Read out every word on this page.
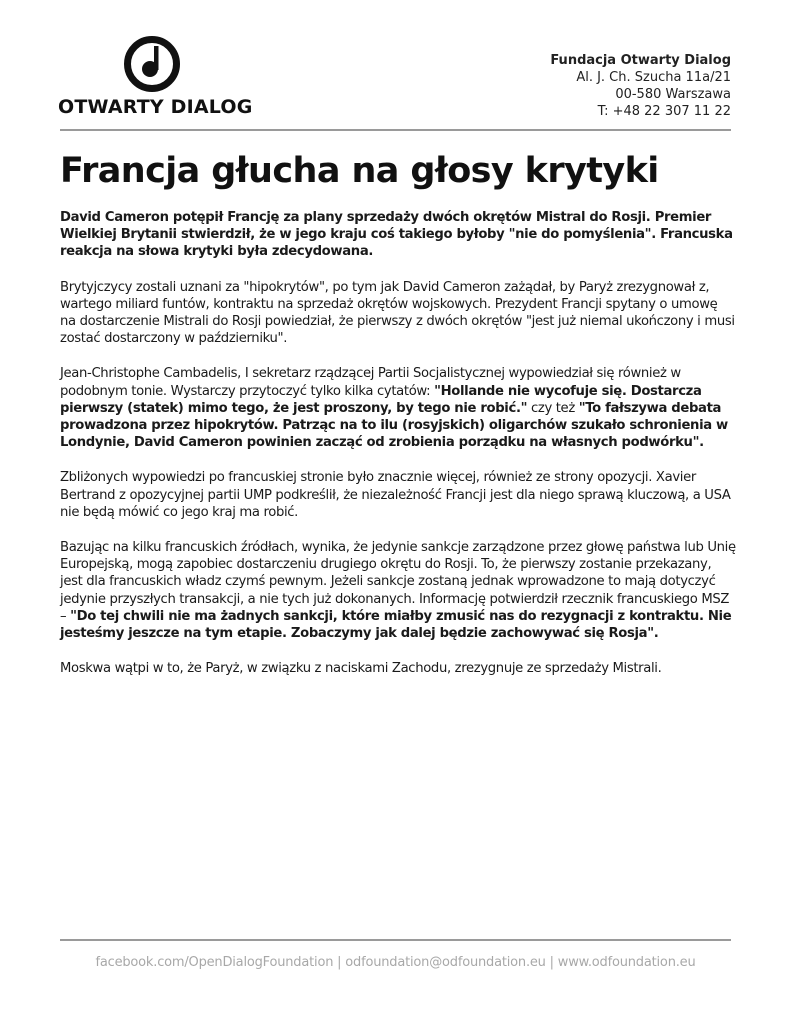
OTWARTY DIALOG
Fundacja Otwarty Dialog
Al. J. Ch. Szucha 11a/21
00-580 Warszawa
T: +48 22 307 11 22
Francja głucha na głosy krytyki

David Cameron potępił Francję za plany sprzedaży dwóch okrętów Mistral do Rosji. Premier Wielkiej Brytanii stwierdził, że w jego kraju coś takiego byłoby "nie do pomyślenia". Francuska reakcja na słowa krytyki była zdecydowana.

Brytyjczycy zostali uznani za "hipokrytów", po tym jak David Cameron zażądał, by Paryż zrezygnował z, wartego miliard funtów, kontraktu na sprzedaż okrętów wojskowych. Prezydent Francji spytany o umowę na dostarczenie Mistrali do Rosji powiedział, że pierwszy z dwóch okrętów "jest już niemal ukończony i musi zostać dostarczony w październiku".

Jean-Christophe Cambadelis, I sekretarz rządzącej Partii Socjalistycznej wypowiedział się również w podobnym tonie. Wystarczy przytoczyć tylko kilka cytatów: "Hollande nie wycofuje się. Dostarcza pierwszy (statek) mimo tego, że jest proszony, by tego nie robić." czy też "To fałszywa debata prowadzona przez hipokrytów. Patrząc na to ilu (rosyjskich) oligarchów szukało schronienia w Londynie, David Cameron powinien zacząć od zrobienia porządku na własnych podwórku".

Zbliżonych wypowiedzi po francuskiej stronie było znacznie więcej, również ze strony opozycji. Xavier Bertrand z opozycyjnej partii UMP podkreślił, że niezależność Francji jest dla niego sprawą kluczową, a USA nie będą mówić co jego kraj ma robić.

Bazując na kilku francuskich źródłach, wynika, że jedynie sankcje zarządzone przez głowę państwa lub Unię Europejską, mogą zapobiec dostarczeniu drugiego okrętu do Rosji. To, że pierwszy zostanie przekazany, jest dla francuskich władz czymś pewnym. Jeżeli sankcje zostaną jednak wprowadzone to mają dotyczyć jedynie przyszłych transakcji, a nie tych już dokonanych. Informację potwierdził rzecznik francuskiego MSZ – "Do tej chwili nie ma żadnych sankcji, które miałby zmusić nas do rezygnacji z kontraktu. Nie jesteśmy jeszcze na tym etapie. Zobaczymy jak dalej będzie zachowywać się Rosja".

Moskwa wątpi w to, że Paryż, w związku z naciskami Zachodu, zrezygnuje ze sprzedaży Mistrali.

facebook.com/OpenDialogFoundation | odfoundation@odfoundation.eu | www.odfoundation.eu
